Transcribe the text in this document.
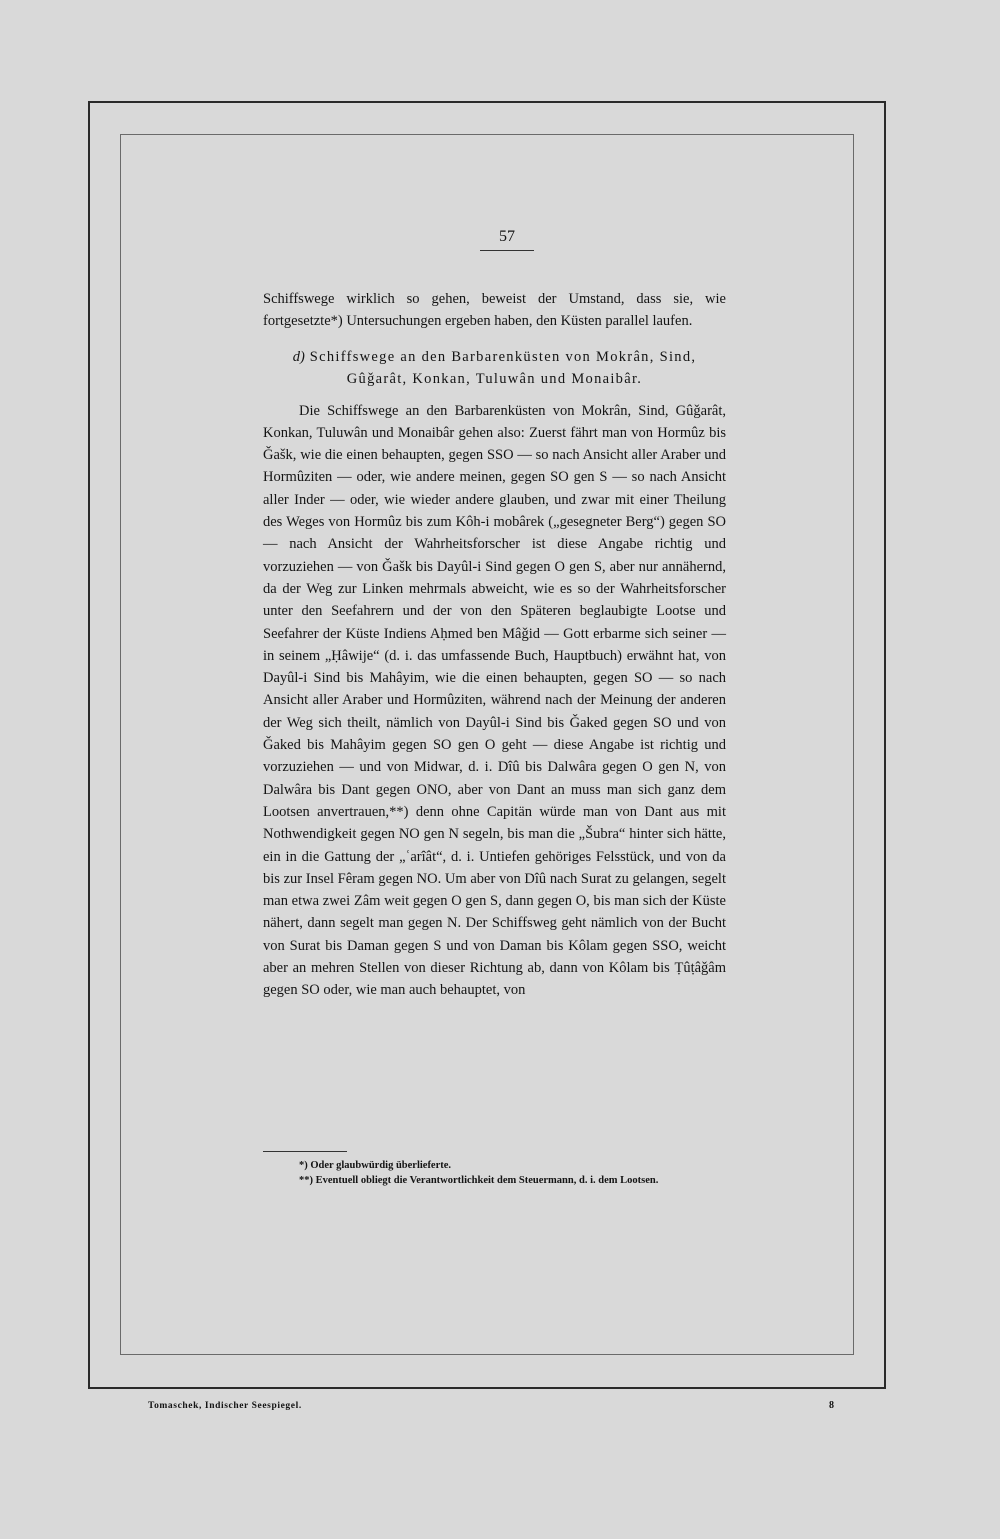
57

Schiffswege wirklich so gehen, beweist der Umstand, dass sie, wie fortgesetzte*) Untersuchungen ergeben haben, den Küsten parallel laufen.

d) Schiffswege an den Barbarenküsten von Mokrân, Sind,
Gûǧarât, Konkan, Tuluwân und Monaibâr.

Die Schiffswege an den Barbarenküsten von Mokrân, Sind, Gûǧarât, Konkan, Tuluwân und Monaibâr gehen also: Zuerst fährt man von Hormûz bis Ǧašk, wie die einen behaupten, gegen SSO — so nach Ansicht aller Araber und Hormûziten — oder, wie andere meinen, gegen SO gen S — so nach Ansicht aller Inder — oder, wie wieder andere glauben, und zwar mit einer Theilung des Weges von Hormûz bis zum Kôh-i mobârek („gesegneter Berg“) gegen SO — nach Ansicht der Wahrheitsforscher ist diese Angabe richtig und vorzuziehen — von Ǧašk bis Dayûl-i Sind gegen O gen S, aber nur annähernd, da der Weg zur Linken mehrmals abweicht, wie es so der Wahrheitsforscher unter den Seefahrern und der von den Späteren beglaubigte Lootse und Seefahrer der Küste Indiens Aḥmed ben Mâǧid — Gott erbarme sich seiner — in seinem „Ḥâwije“ (d. i. das umfassende Buch, Hauptbuch) erwähnt hat, von Dayûl-i Sind bis Mahâyim, wie die einen behaupten, gegen SO — so nach Ansicht aller Araber und Hormûziten, während nach der Meinung der anderen der Weg sich theilt, nämlich von Dayûl-i Sind bis Ǧaked gegen SO und von Ǧaked bis Mahâyim gegen SO gen O geht — diese Angabe ist richtig und vorzuziehen — und von Midwar, d. i. Dîû bis Dalwâra gegen O gen N, von Dalwâra bis Dant gegen ONO, aber von Dant an muss man sich ganz dem Lootsen anvertrauen,**) denn ohne Capitän würde man von Dant aus mit Nothwendigkeit gegen NO gen N segeln, bis man die „Šubra“ hinter sich hätte, ein in die Gattung der „ʿarîât“, d. i. Untiefen gehöriges Felsstück, und von da bis zur Insel Fêram gegen NO. Um aber von Dîû nach Surat zu gelangen, segelt man etwa zwei Zâm weit gegen O gen S, dann gegen O, bis man sich der Küste nähert, dann segelt man gegen N. Der Schiffsweg geht nämlich von der Bucht von Surat bis Daman gegen S und von Daman bis Kôlam gegen SSO, weicht aber an mehren Stellen von dieser Richtung ab, dann von Kôlam bis Ṭûṭâǧâm gegen SO oder, wie man auch behauptet, von

*) Oder glaubwürdig überlieferte.

**) Eventuell obliegt die Verantwortlichkeit dem Steuermann, d. i. dem Lootsen.

Tomaschek, Indischer Seespiegel.	8
